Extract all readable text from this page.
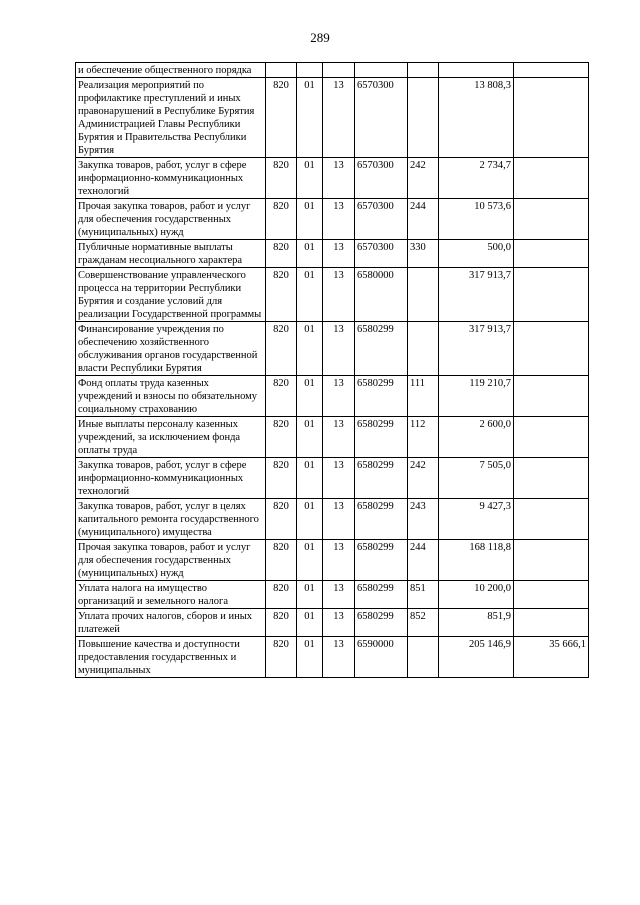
289
и обеспечение общественного порядка							
Реализация мероприятий по профилактике преступлений и иных правонарушений в Республике Бурятия Администрацией Главы Республики Бурятия и Правительства Республики Бурятия	820	01	13	6570300		13 808,3	
Закупка товаров, работ, услуг в сфере информационно-коммуникационных технологий	820	01	13	6570300	242	2 734,7	
Прочая закупка товаров, работ и услуг для обеспечения государственных (муниципальных) нужд	820	01	13	6570300	244	10 573,6	
Публичные нормативные выплаты гражданам несоциального характера	820	01	13	6570300	330	500,0	
Совершенствование управленческого процесса на территории Республики Бурятия и создание условий для реализации Государственной программы	820	01	13	6580000		317 913,7	
Финансирование учреждения по обеспечению хозяйственного обслуживания органов государственной власти Республики Бурятия	820	01	13	6580299		317 913,7	
Фонд оплаты труда казенных учреждений и взносы по обязательному социальному страхованию	820	01	13	6580299	111	119 210,7	
Иные выплаты персоналу казенных учреждений, за исключением фонда оплаты труда	820	01	13	6580299	112	2 600,0	
Закупка товаров, работ, услуг в сфере информационно-коммуникационных технологий	820	01	13	6580299	242	7 505,0	
Закупка товаров, работ, услуг в целях капитального ремонта государственного (муниципального) имущества	820	01	13	6580299	243	9 427,3	
Прочая закупка товаров, работ и услуг для обеспечения государственных (муниципальных) нужд	820	01	13	6580299	244	168 118,8	
Уплата налога на имущество организаций и земельного налога	820	01	13	6580299	851	10 200,0	
Уплата прочих налогов, сборов и иных платежей	820	01	13	6580299	852	851,9	
Повышение качества и доступности предоставления государственных и муниципальных	820	01	13	6590000		205 146,9	35 666,1
